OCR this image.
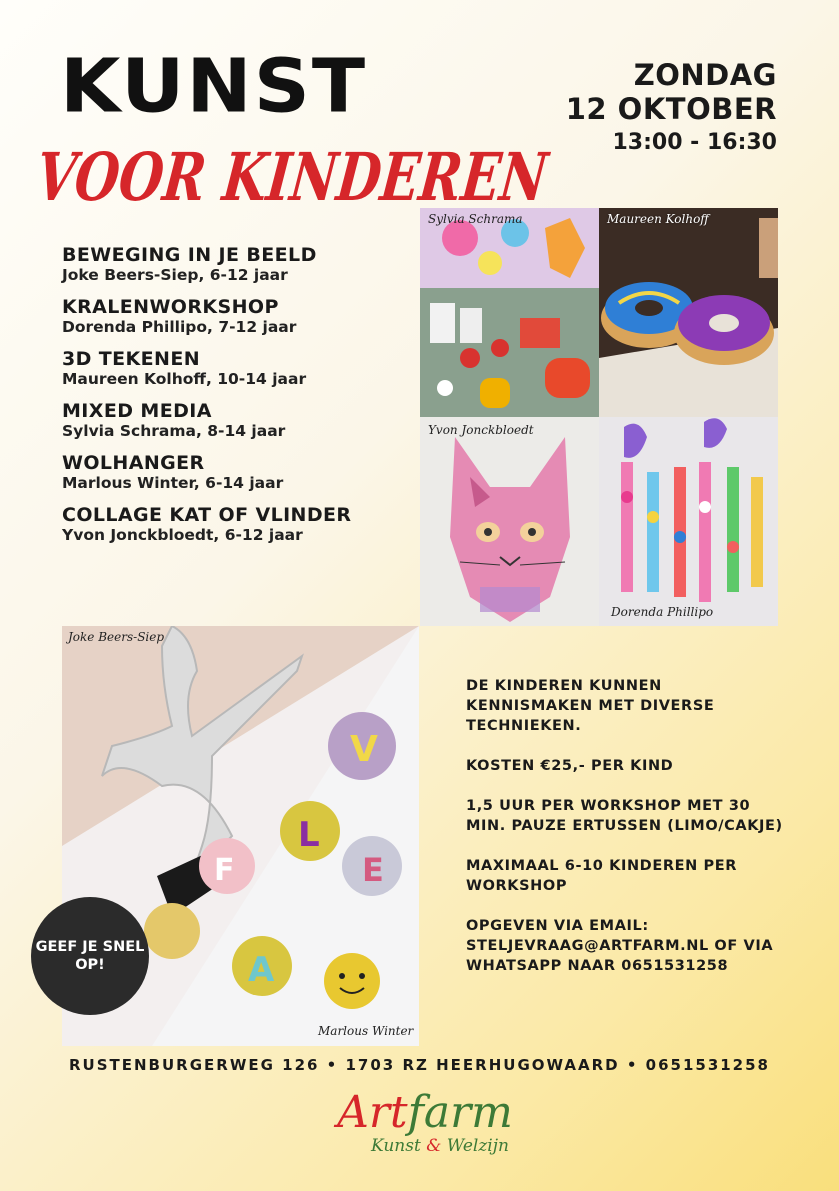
KUNST
VOOR KINDEREN
ZONDAG
12 OKTOBER
13:00 - 16:30
BEWEGING IN JE BEELD
Joke Beers-Siep, 6-12 jaar
KRALENWORKSHOP
Dorenda Phillipo, 7-12 jaar
3D TEKENEN
Maureen Kolhoff, 10-14 jaar
MIXED MEDIA
Sylvia Schrama, 8-14 jaar
WOLHANGER
Marlous Winter, 6-14 jaar
COLLAGE KAT OF VLINDER
Yvon Jonckbloedt, 6-12 jaar
Sylvia Schrama	Maureen Kolhoff
Yvon Jonckbloedt
Dorenda Phillipo
V
L
E
F
A
Joke Beers-Siep
Marlous Winter
GEEF JE SNEL OP!
DE KINDEREN KUNNEN KENNISMAKEN MET DIVERSE TECHNIEKEN.
KOSTEN €25,- PER KIND
1,5 UUR PER WORKSHOP MET 30 MIN. PAUZE ERTUSSEN (LIMO/CAKJE)
MAXIMAAL 6-10 KINDEREN PER WORKSHOP
OPGEVEN VIA EMAIL: STELJEVRAAG@ARTFARM.NL OF VIA WHATSAPP NAAR 0651531258
RUSTENBURGERWEG 126 • 1703 RZ HEERHUGOWAARD • 0651531258
Artfarm
Kunst & Welzijn
